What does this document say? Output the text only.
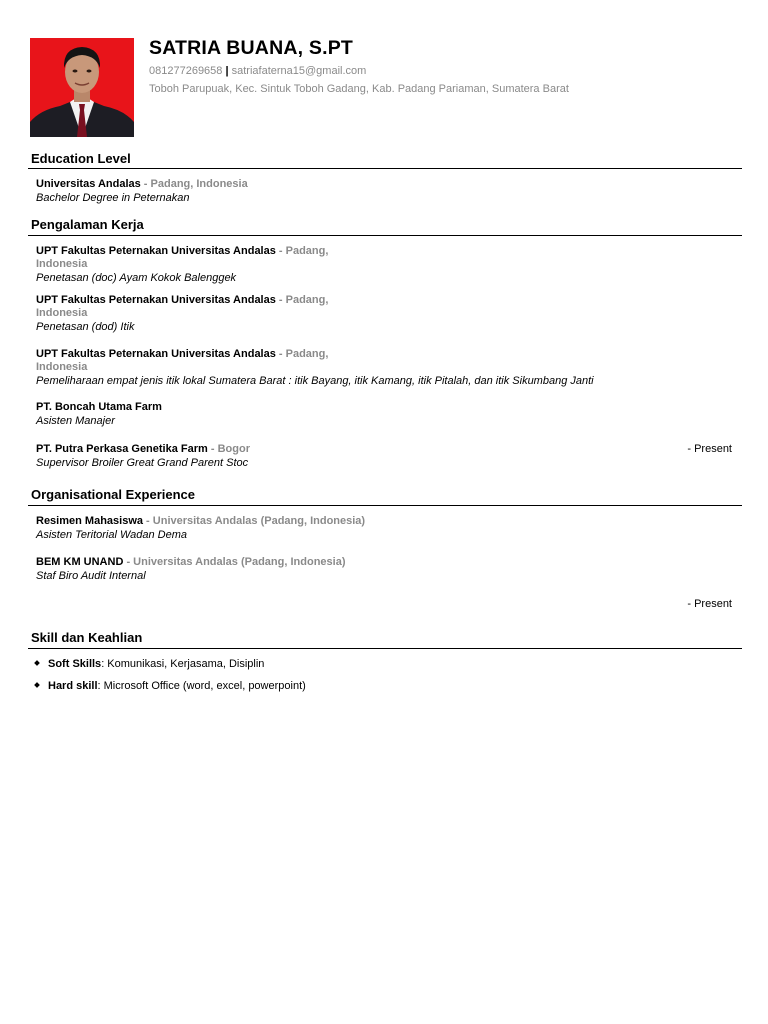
SATRIA BUANA, S.PT
081277269658 | satriafaterna15@gmail.com
Toboh Parupuak, Kec. Sintuk Toboh Gadang, Kab. Padang Pariaman, Sumatera Barat
Education Level
Universitas Andalas - Padang, Indonesia
Bachelor Degree in Peternakan
Pengalaman Kerja
UPT Fakultas Peternakan Universitas Andalas - Padang,
Indonesia
Penetasan (doc) Ayam Kokok Balenggek
UPT Fakultas Peternakan Universitas Andalas - Padang,
Indonesia
Penetasan (dod) Itik
UPT Fakultas Peternakan Universitas Andalas - Padang,
Indonesia
Pemeliharaan empat jenis itik lokal Sumatera Barat : itik Bayang, itik Kamang, itik Pitalah, dan itik Sikumbang Janti
PT. Boncah Utama Farm
Asisten Manajer
PT. Putra Perkasa Genetika Farm - Bogor
Supervisor Broiler Great Grand Parent Stoc
- Present
Organisational Experience
Resimen Mahasiswa - Universitas Andalas (Padang, Indonesia)
Asisten Teritorial Wadan Dema
BEM KM UNAND - Universitas Andalas (Padang, Indonesia)
Staf Biro Audit Internal
- Present
Skill dan Keahlian
Soft Skills: Komunikasi, Kerjasama, Disiplin
Hard skill: Microsoft Office (word, excel, powerpoint)
